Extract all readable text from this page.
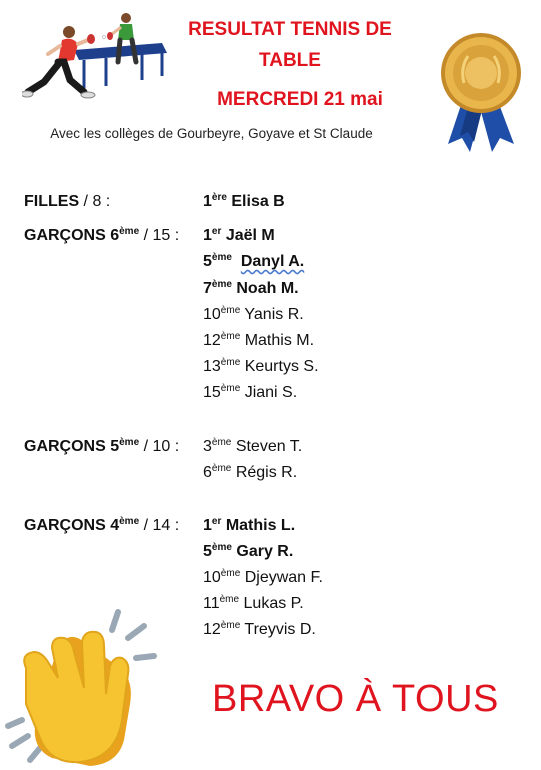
RESULTAT TENNIS DE
TABLE
MERCREDI 21 mai
Avec les collèges de Gourbeyre, Goyave et St Claude
FILLES / 8 :
GARÇONS 6ème / 15 :
GARÇONS 5ème / 10 :
GARÇONS 4ème / 14 :
1ère Elisa B
1er Jaël M
5ème Danyl A.
7ème Noah M.
10ème Yanis R.
12ème Mathis M.
13ème Keurtys S.
15ème Jiani S.
3ème Steven T.
6ème Régis R.
1er Mathis L.
5ème Gary R.
10ème Djeywan F.
11ème Lukas P.
12ème Treyvis D.
BRAVO À TOUS
